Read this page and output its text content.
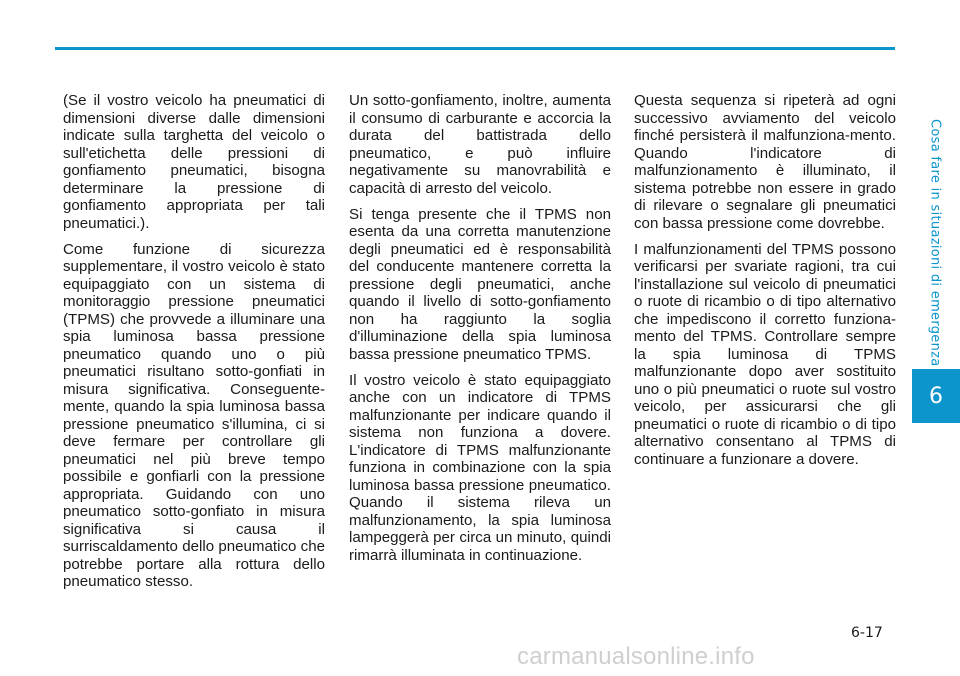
(Se il vostro veicolo ha pneumatici di dimensioni diverse dalle dimensioni indicate sulla targhetta del veicolo o sull'etichetta delle pressioni di gonfiamento pneumatici, bisogna determinare la pressione di gonfiamento appropriata per tali pneumatici.).

Come funzione di sicurezza supplementare, il vostro veicolo è stato equipaggiato con un sistema di monitoraggio pressione pneumatici (TPMS) che provvede a illuminare una spia luminosa bassa pressione pneumatico quando uno o più pneumatici risultano sotto-gonfiati in misura significativa. Conseguente-mente, quando la spia luminosa bassa pressione pneumatico s'illumina, ci si deve fermare per controllare gli pneumatici nel più breve tempo possibile e gonfiarli con la pressione appropriata. Guidando con uno pneumatico sotto-gonfiato in misura significativa si causa il surriscaldamento dello pneumatico che potrebbe portare alla rottura dello pneumatico stesso.

Un sotto-gonfiamento, inoltre, aumenta il consumo di carburante e accorcia la durata del battistrada dello pneumatico, e può influire negativamente su manovrabilità e capacità di arresto del veicolo.

Si tenga presente che il TPMS non esenta da una corretta manutenzione degli pneumatici ed è responsabilità del conducente mantenere corretta la pressione degli pneumatici, anche quando il livello di sotto-gonfiamento non ha raggiunto la soglia d'illuminazione della spia luminosa bassa pressione pneumatico TPMS.

Il vostro veicolo è stato equipaggiato anche con un indicatore di TPMS malfunzionante per indicare quando il sistema non funziona a dovere. L'indicatore di TPMS malfunzionante funziona in combinazione con la spia luminosa bassa pressione pneumatico. Quando il sistema rileva un malfunzionamento, la spia luminosa lampeggerà per circa un minuto, quindi rimarrà illuminata in continuazione.

Questa sequenza si ripeterà ad ogni successivo avviamento del veicolo finché persisterà il malfunziona-mento. Quando l'indicatore di malfunzionamento è illuminato, il sistema potrebbe non essere in grado di rilevare o segnalare gli pneumatici con bassa pressione come dovrebbe.

I malfunzionamenti del TPMS possono verificarsi per svariate ragioni, tra cui l'installazione sul veicolo di pneumatici o ruote di ricambio o di tipo alternativo che impediscono il corretto funziona-mento del TPMS. Controllare sempre la spia luminosa di TPMS malfunzionante dopo aver sostituito uno o più pneumatici o ruote sul vostro veicolo, per assicurarsi che gli pneumatici o ruote di ricambio o di tipo alternativo consentano al TPMS di continuare a funzionare a dovere.

Cosa fare in situazioni di emergenza
6
6-17
carmanualsonline.info
